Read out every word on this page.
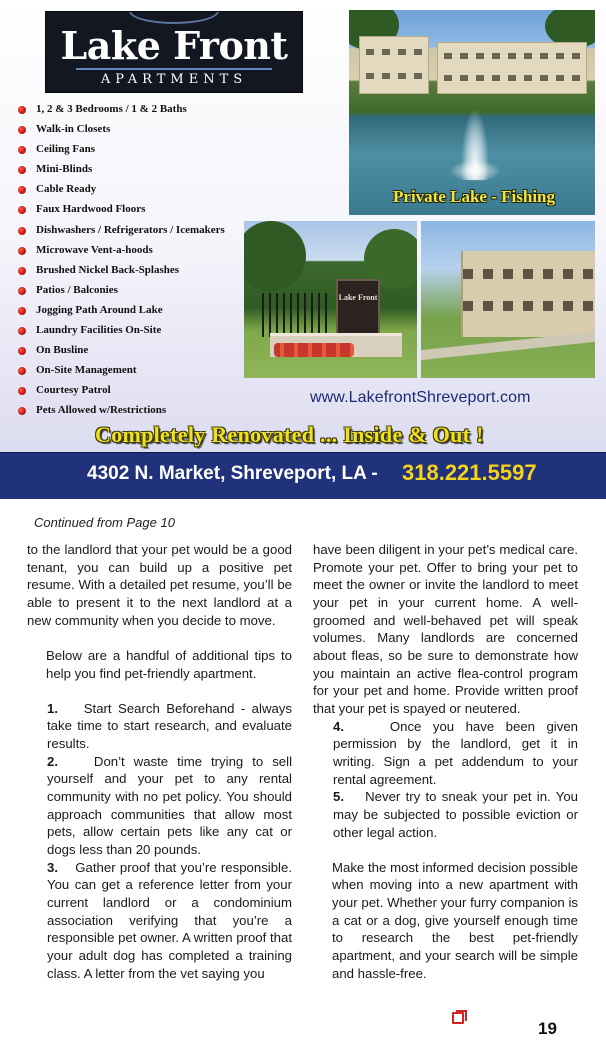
Lake Front
APARTMENTS
1, 2 & 3 Bedrooms / 1 & 2 Baths
Walk-in Closets
Ceiling Fans
Mini-Blinds
Cable Ready
Faux Hardwood Floors
Dishwashers / Refrigerators / Icemakers
Microwave Vent-a-hoods
Brushed Nickel Back-Splashes
Patios / Balconies
Jogging Path Around Lake
Laundry Facilities On-Site
On Busline
On-Site Management
Courtesy Patrol
Pets Allowed w/Restrictions
Private Lake - Fishing
Lake Front
www.LakefrontShreveport.com
Completely Renovated ... Inside & Out !
4302 N. Market, Shreveport, LA - 318.221.5597
Continued from Page 10

to the landlord that your pet would be a good tenant, you can build up a positive pet resume. With a detailed pet resume, you’ll be able to present it to the next landlord at a new community when you decide to move.

Below are a handful of additional tips to help you find pet-friendly apartment.

1. Start Search Beforehand - always take time to start research, and evaluate results.

2.	Don’t waste time trying to sell yourself and your pet to any rental community with no pet policy. You should approach communities that allow most pets, allow certain pets like any cat or dogs less than 20 pounds.

3. Gather proof that you’re responsible. You can get a reference letter from your current landlord or a condominium association verifying that you’re a responsible pet owner. A written proof that your adult dog has completed a training class. A letter from the vet saying you

have been diligent in your pet’s medical care. Promote your pet. Offer to bring your pet to meet the owner or invite the landlord to meet your pet in your current home. A well-groomed and well-behaved pet will speak volumes. Many landlords are concerned about fleas, so be sure to demonstrate how you maintain an active flea-control program for your pet and home. Provide written proof that your pet is spayed or neutered.

4.	Once you have been given permission by the landlord, get it in writing. Sign a pet addendum to your rental agreement.

5. Never try to sneak your pet in. You may be subjected to possible eviction or other legal action.

Make the most informed decision possible when moving into a new apartment with your pet. Whether your furry companion is a cat or a dog, give yourself enough time to research the best pet-friendly apartment, and your search will be simple and hassle-free.

19
